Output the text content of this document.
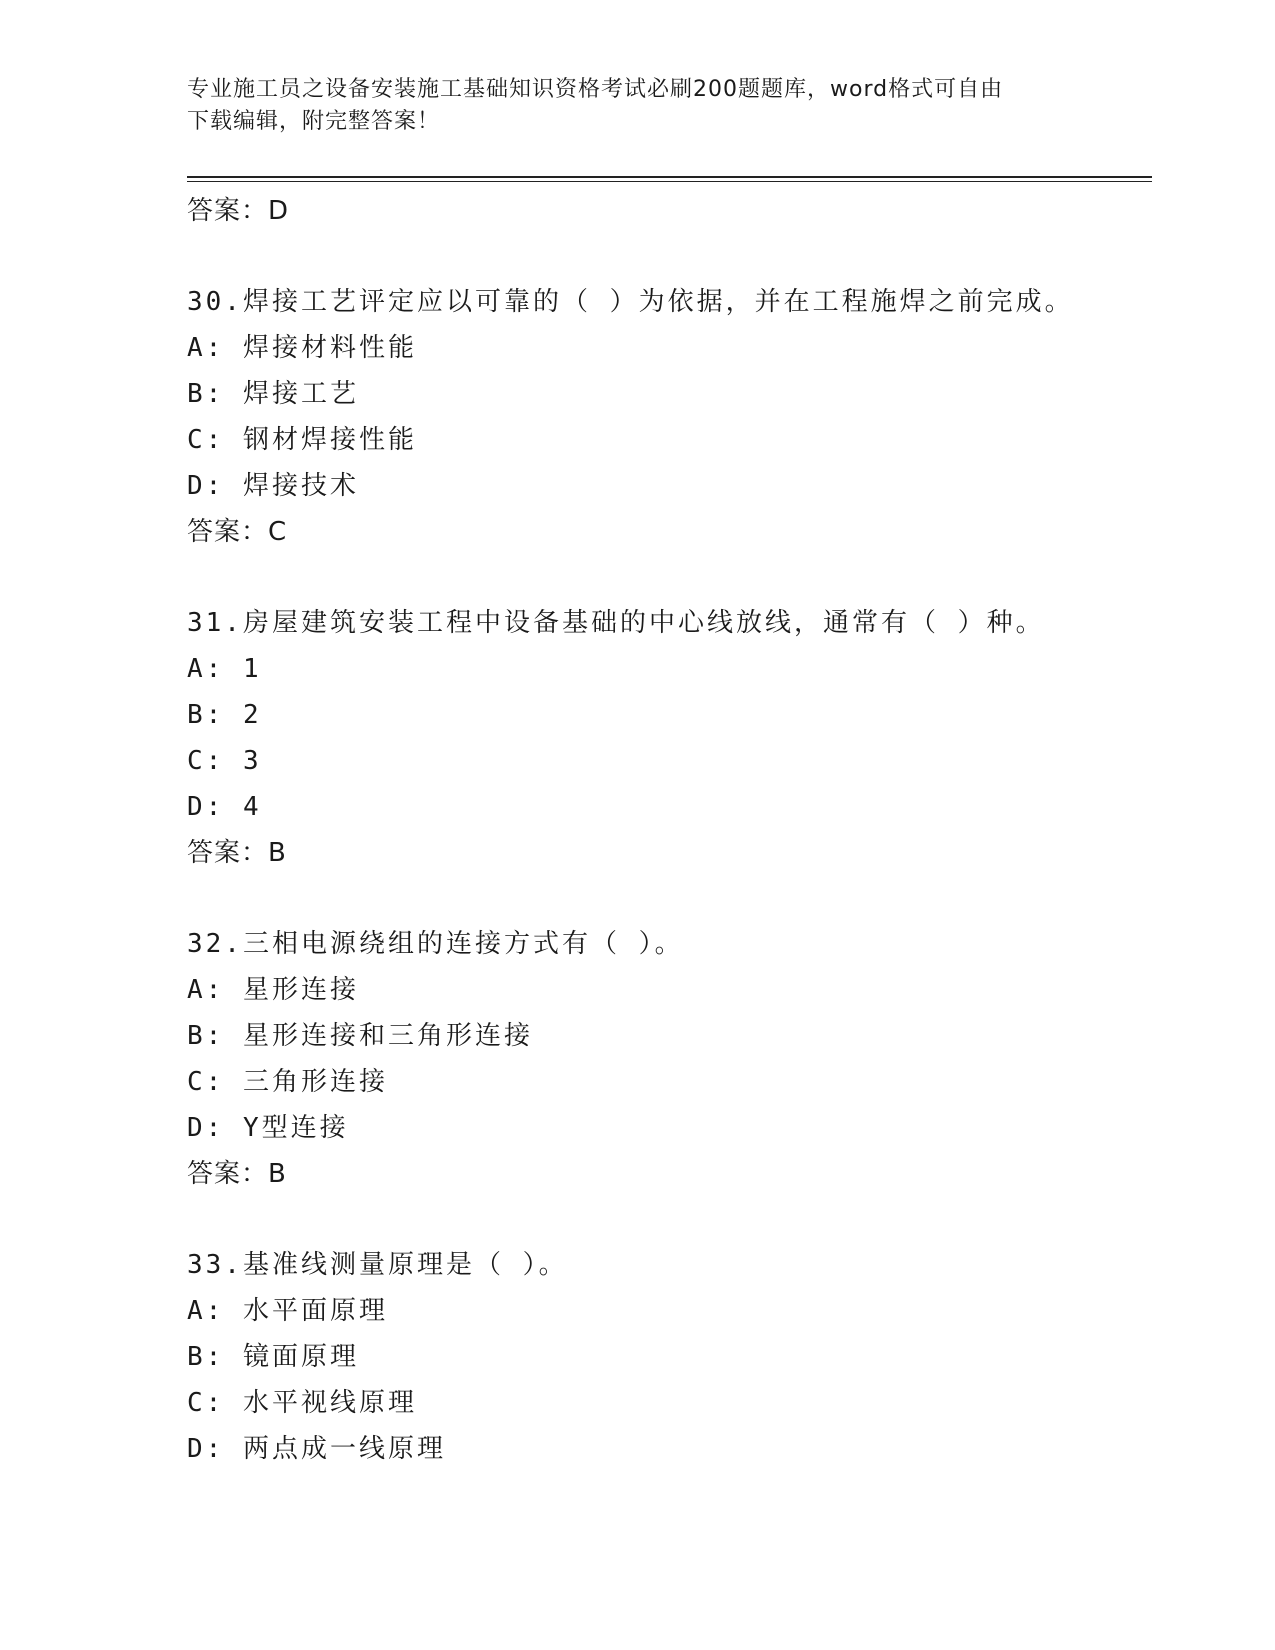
专业施工员之设备安装施工基础知识资格考试必刷200题题库，word格式可自由
下载编辑，附完整答案！
答案：D
30.焊接工艺评定应以可靠的（ ）为依据，并在工程施焊之前完成。
A: 焊接材料性能
B: 焊接工艺
C: 钢材焊接性能
D: 焊接技术
答案：C
31.房屋建筑安装工程中设备基础的中心线放线，通常有（ ）种。
A: 1
B: 2
C: 3
D: 4
答案：B
32.三相电源绕组的连接方式有（ ）。
A: 星形连接
B: 星形连接和三角形连接
C: 三角形连接
D: Y型连接
答案：B
33.基准线测量原理是（ ）。
A: 水平面原理
B: 镜面原理
C: 水平视线原理
D: 两点成一线原理
